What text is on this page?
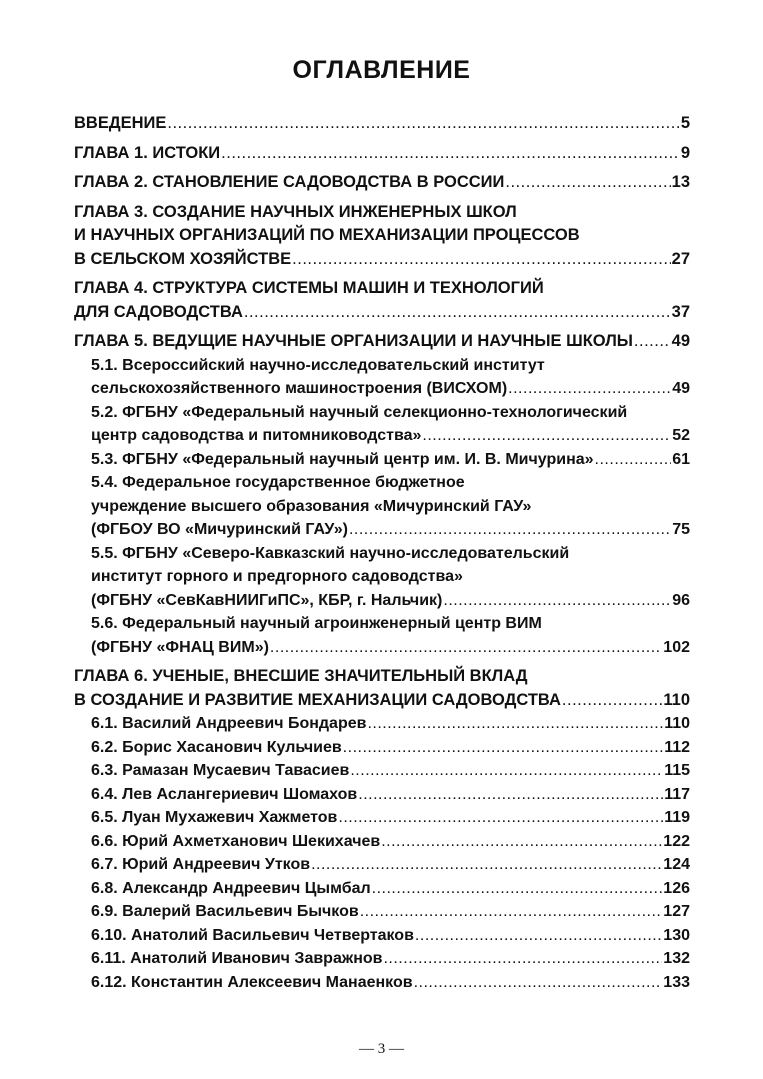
ОГЛАВЛЕНИЕ
ВВЕДЕНИЕ .....	5
ГЛАВА 1. ИСТОКИ .....	9
ГЛАВА 2. СТАНОВЛЕНИЕ САДОВОДСТВА В РОССИИ .....	13
ГЛАВА 3. СОЗДАНИЕ НАУЧНЫХ ИНЖЕНЕРНЫХ ШКОЛ
И НАУЧНЫХ ОРГАНИЗАЦИЙ ПО МЕХАНИЗАЦИИ ПРОЦЕССОВ
В СЕЛЬСКОМ ХОЗЯЙСТВЕ .....	27
ГЛАВА 4. СТРУКТУРА СИСТЕМЫ МАШИН И ТЕХНОЛОГИЙ
ДЛЯ САДОВОДСТВА .....	37
ГЛАВА 5. ВЕДУЩИЕ НАУЧНЫЕ ОРГАНИЗАЦИИ И НАУЧНЫЕ ШКОЛЫ ..... 49
5.1. Всероссийский научно-исследовательский институт
сельскохозяйственного машиностроения (ВИСХОМ) .....	49
5.2. ФГБНУ «Федеральный научный селекционно-технологический
центр садоводства и питомниководства» .....	52
5.3. ФГБНУ «Федеральный научный центр им. И. В. Мичурина» .....	61
5.4. Федеральное государственное бюджетное
учреждение высшего образования «Мичуринский ГАУ»
(ФГБОУ ВО «Мичуринский ГАУ») .....	75
5.5. ФГБНУ «Северо-Кавказский научно-исследовательский
институт горного и предгорного садоводства»
(ФГБНУ «СевКавНИИГиПС», КБР, г. Нальчик) .....	96
5.6. Федеральный научный агроинженерный центр ВИМ
(ФГБНУ «ФНАЦ ВИМ») .....	102
ГЛАВА 6. УЧЕНЫЕ, ВНЕСШИЕ ЗНАЧИТЕЛЬНЫЙ ВКЛАД
В СОЗДАНИЕ И РАЗВИТИЕ МЕХАНИЗАЦИИ САДОВОДСТВА .....	110
6.1. Василий Андреевич Бондарев .....	110
6.2. Борис Хасанович Кульчиев .....	112
6.3. Рамазан Мусаевич Тавасиев .....	115
6.4. Лев Аслангериевич Шомахов .....	117
6.5. Луан Мухажевич Хажметов .....	119
6.6. Юрий Ахметханович Шекихачев .....	122
6.7. Юрий Андреевич Утков .....	124
6.8. Александр Андреевич Цымбал .....	126
6.9. Валерий Васильевич Бычков .....	127
6.10. Анатолий Васильевич Четвертаков .....	130
6.11. Анатолий Иванович Завражнов .....	132
6.12. Константин Алексеевич Манаенков .....	133
— 3 —
